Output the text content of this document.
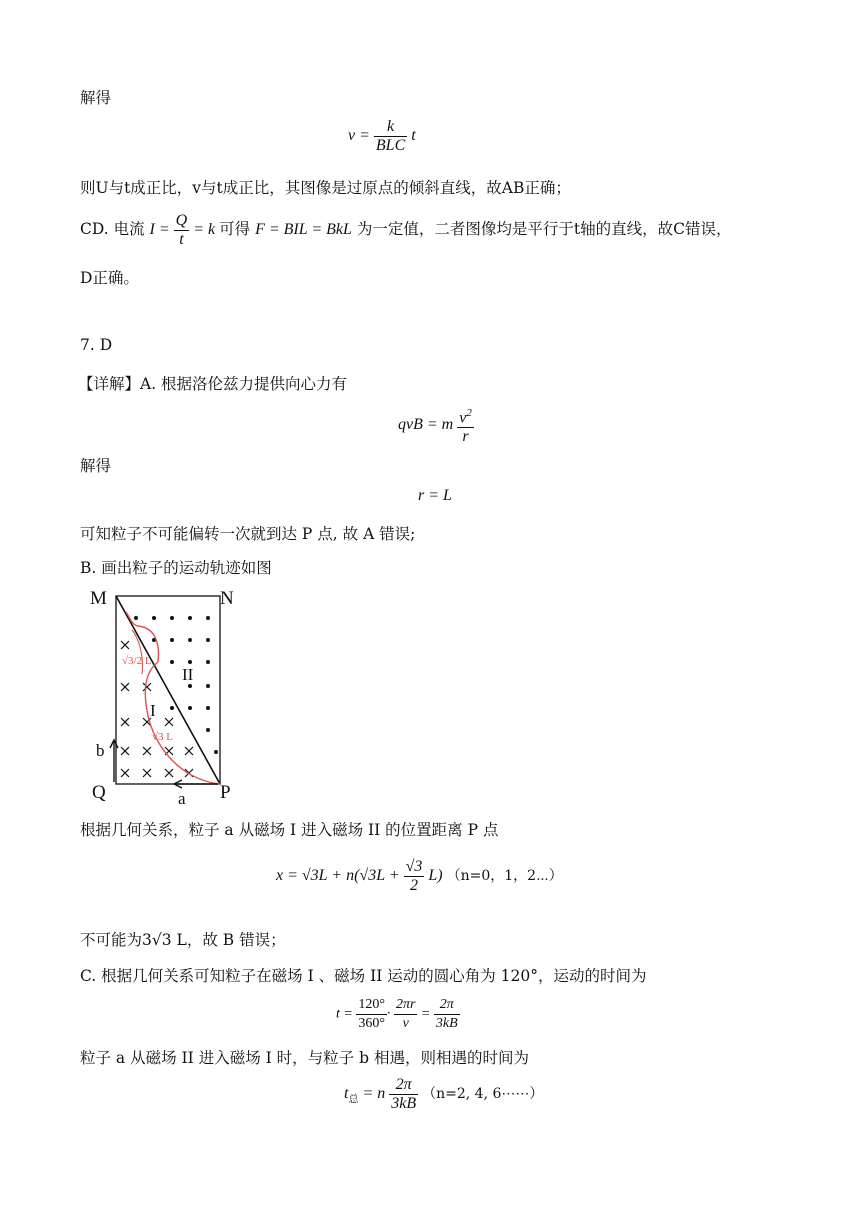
解得
$v = \frac{k}{\text{BLC}}$ t
则U与t成正比，v与t成正比，其图像是过原点的倾斜直线，故AB正确；
CD. 电流 $I = \frac{Q}{t} = k$ 可得 F = BIL = BkL 为一定值，二者图像均是平行于t轴的直线，故C错误，
D正确。
7. D
【详解】A. 根据洛伦兹力提供向心力有
qvB = m $\frac{v^2}{r}$
解得
r = L
可知粒子不可能偏转一次就到达 P 点, 故 A 错误;
B. 画出粒子的运动轨迹如图
√3/2 L
√3 L
M	N
Q	P
a
b
I
II
根据几何关系，粒子 a 从磁场 I 进入磁场 II 的位置距离 P 点
$x = √3L + n(√3L + \frac{√3}{2} L)$ （n=0，1，2⋯）
不可能为3√3 L，故 B 错误；
C. 根据几何关系可知粒子在磁场 I 、磁场 II 运动的圆心角为 120°，运动的时间为
$t = \frac{120^\circ}{360^\circ} \cdot \frac{2\pi r}{v} = \frac{2\pi}{3kB}$
粒子 a 从磁场 II 进入磁场 I 时，与粒子 b 相遇，则相遇的时间为
$t_总 = n \frac{2\pi}{3kB} (n=2$, 4, 6⋯⋯）
